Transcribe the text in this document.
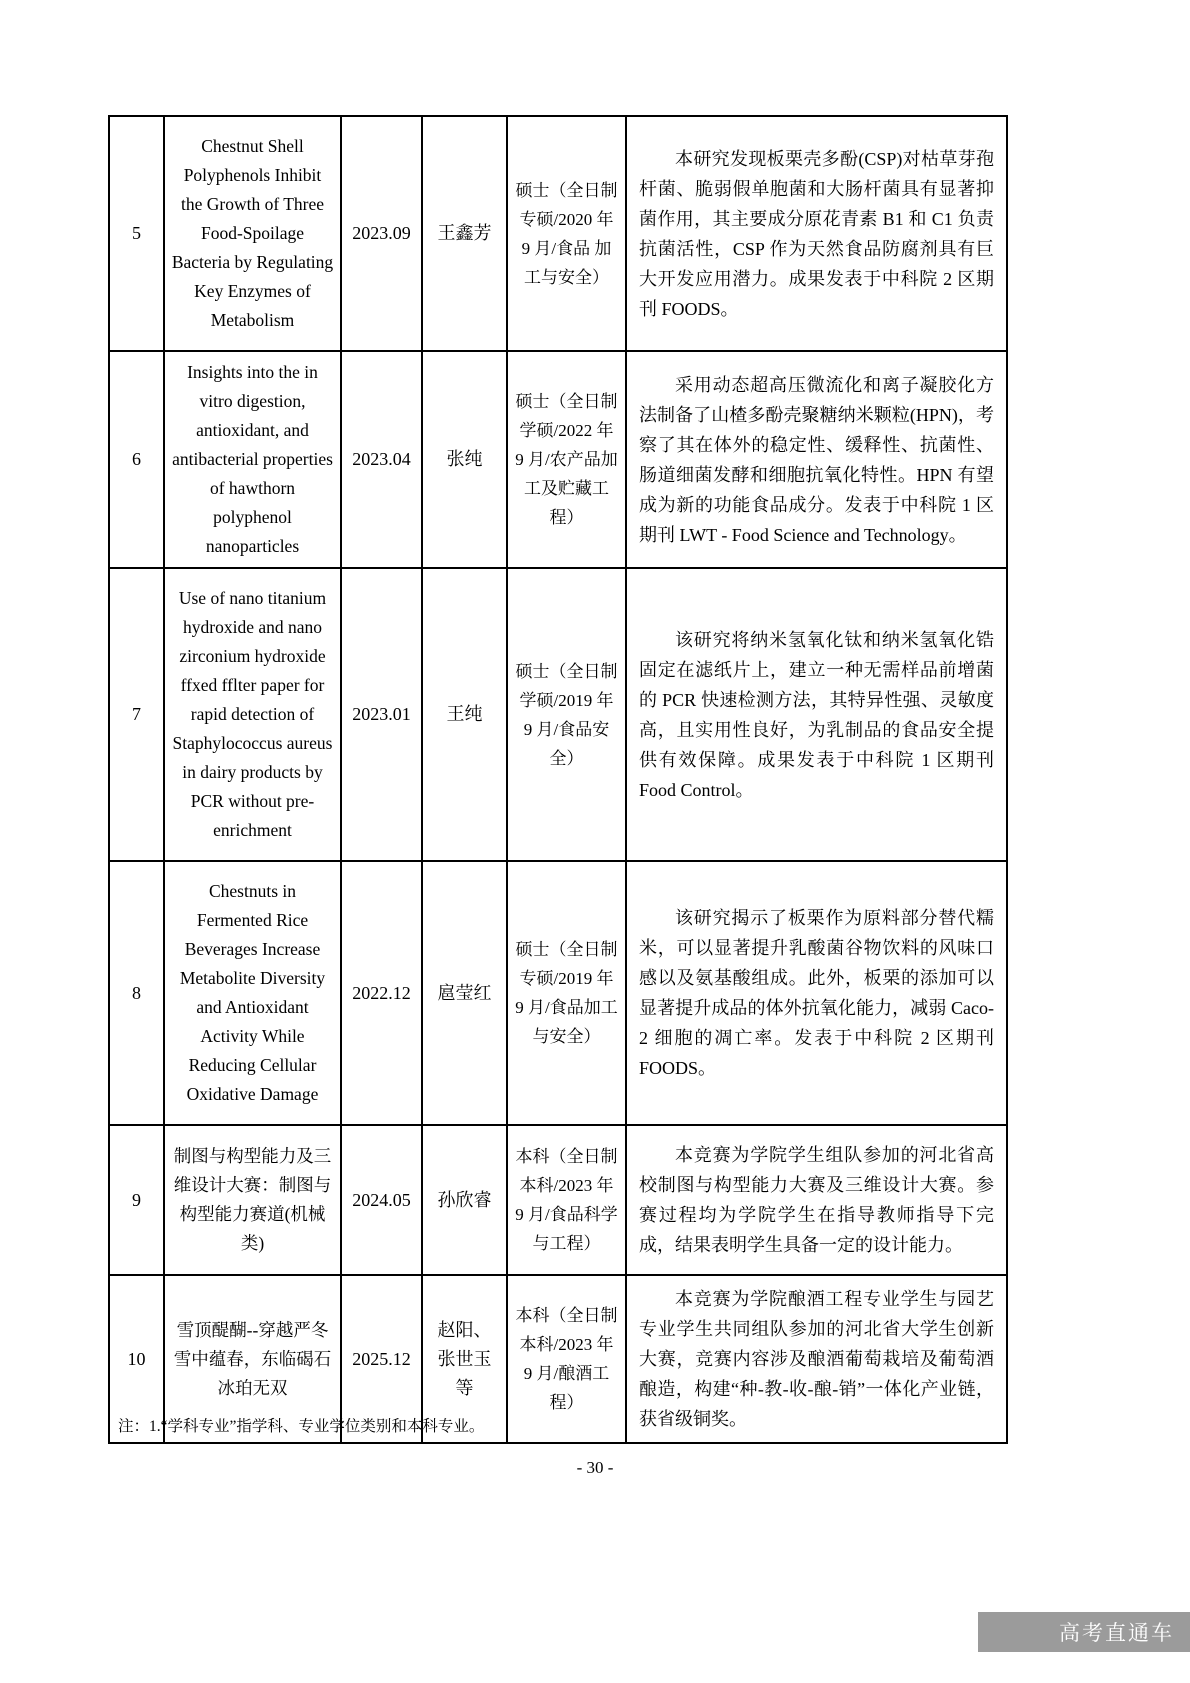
5	Chestnut Shell Polyphenols Inhibit the Growth of Three Food-Spoilage Bacteria by Regulating Key Enzymes of Metabolism	2023.09	王鑫芳	硕士（全日制专硕/2020 年 9 月/食品 加工与安全）	本研究发现板栗壳多酚(CSP)对枯草芽孢杆菌、脆弱假单胞菌和大肠杆菌具有显著抑菌作用，其主要成分原花青素 B1 和 C1 负责抗菌活性，CSP 作为天然食品防腐剂具有巨大开发应用潜力。成果发表于中科院 2 区期刊 FOODS。

6	Insights into the in vitro digestion, antioxidant, and antibacterial properties of hawthorn polyphenol nanoparticles	2023.04	张纯	硕士（全日制学硕/2022 年 9 月/农产品加工及贮藏工程）	采用动态超高压微流化和离子凝胶化方法制备了山楂多酚壳聚糖纳米颗粒(HPN)，考察了其在体外的稳定性、缓释性、抗菌性、肠道细菌发酵和细胞抗氧化特性。HPN 有望成为新的功能食品成分。发表于中科院 1 区期刊 LWT - Food Science and Technology。

7	Use of nano titanium hydroxide and nano zirconium hydroxide ffxed fflter paper for rapid detection of Staphylococcus aureus in dairy products by PCR without pre-enrichment	2023.01	王纯	硕士（全日制学硕/2019 年 9 月/食品安全）	该研究将纳米氢氧化钛和纳米氢氧化锆固定在滤纸片上，建立一种无需样品前增菌的 PCR 快速检测方法，其特异性强、灵敏度高，且实用性良好，为乳制品的食品安全提供有效保障。成果发表于中科院 1 区期刊 Food Control。

8	Chestnuts in Fermented Rice Beverages Increase Metabolite Diversity and Antioxidant Activity While Reducing Cellular Oxidative Damage	2022.12	扈莹红	硕士（全日制专硕/2019 年 9 月/食品加工与安全）	该研究揭示了板栗作为原料部分替代糯米，可以显著提升乳酸菌谷物饮料的风味口感以及氨基酸组成。此外，板栗的添加可以显著提升成品的体外抗氧化能力，减弱 Caco-2 细胞的凋亡率。发表于中科院 2 区期刊 FOODS。

9	制图与构型能力及三维设计大赛：制图与构型能力赛道(机械类)	2024.05	孙欣睿	本科（全日制本科/2023 年 9 月/食品科学与工程）	本竞赛为学院学生组队参加的河北省高校制图与构型能力大赛及三维设计大赛。参赛过程均为学院学生在指导教师指导下完成，结果表明学生具备一定的设计能力。

10	雪顶醍醐--穿越严冬雪中蕴春，东临碣石冰珀无双	2025.12	赵阳、张世玉等	本科（全日制本科/2023 年 9 月/酿酒工程）	本竞赛为学院酿酒工程专业学生与园艺专业学生共同组队参加的河北省大学生创新大赛，竞赛内容涉及酿酒葡萄栽培及葡萄酒酿造，构建“种-教-收-酿-销”一体化产业链，获省级铜奖。

注：1.“学科专业”指学科、专业学位类别和本科专业。
- 30 -
高考直通车
